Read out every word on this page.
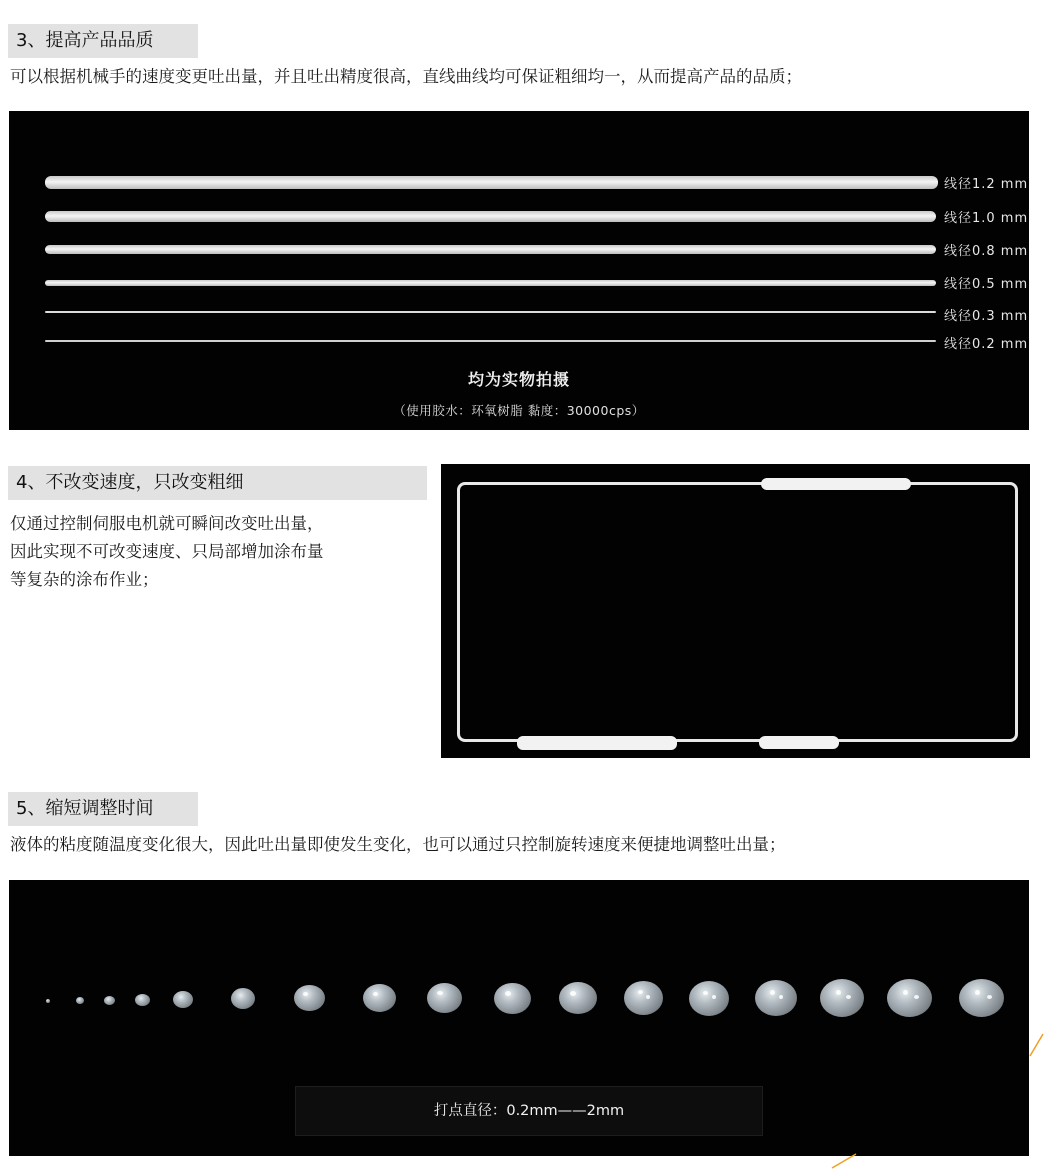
3、提高产品品质
可以根据机械手的速度变更吐出量，并且吐出精度很高，直线曲线均可保证粗细均一，从而提高产品的品质；
线径1.2 mm
线径1.0 mm
线径0.8 mm
线径0.5 mm
线径0.3 mm
线径0.2 mm
均为实物拍摄
（使用胶水：环氧树脂 黏度：30000cps）
4、不改变速度，只改变粗细
仅通过控制伺服电机就可瞬间改变吐出量，
因此实现不可改变速度、只局部增加涂布量
等复杂的涂布作业；
5、缩短调整时间
液体的粘度随温度变化很大，因此吐出量即使发生变化，也可以通过只控制旋转速度来便捷地调整吐出量；
打点直径：0.2mm——2mm
